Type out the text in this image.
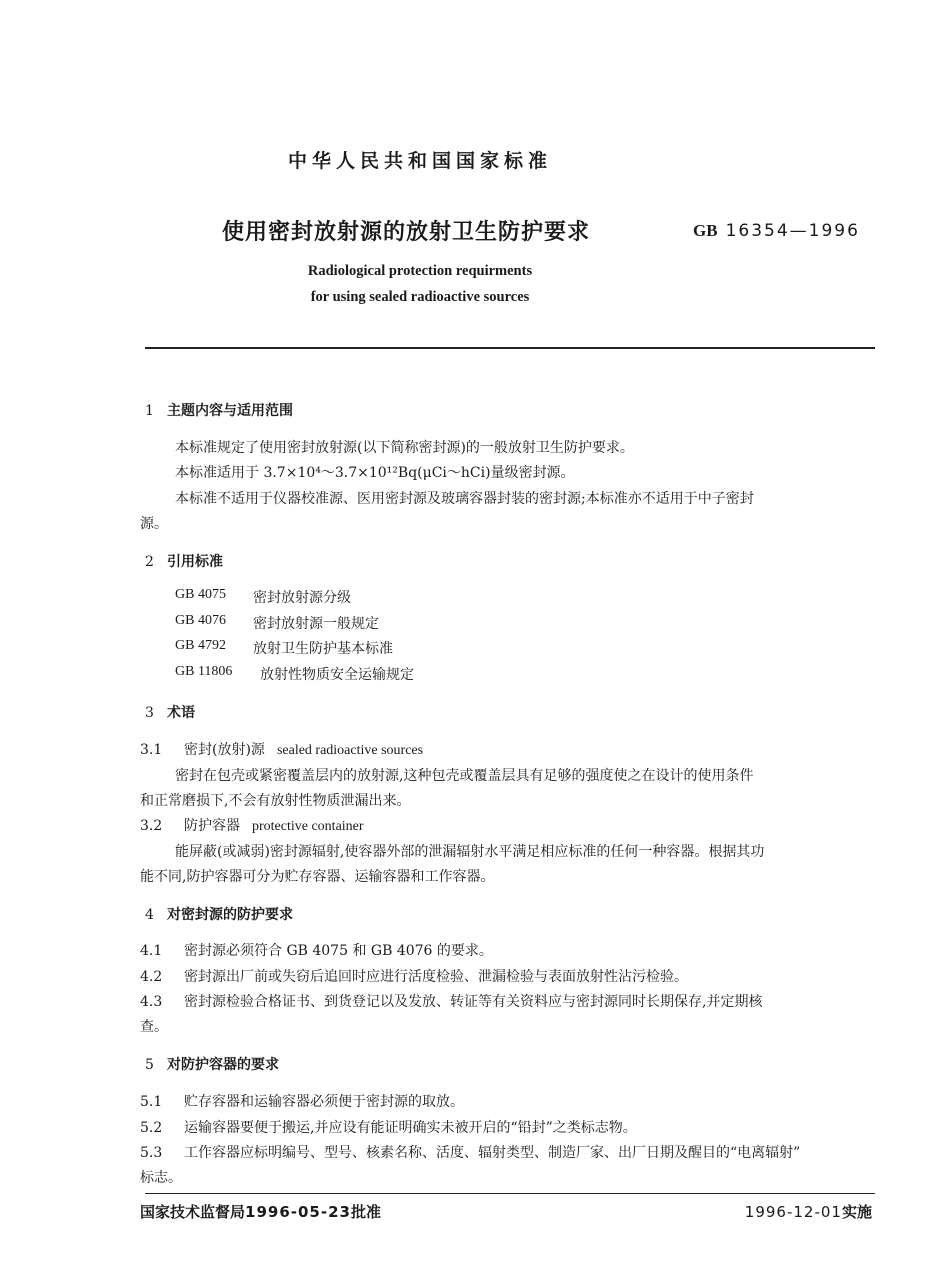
中华人民共和国国家标准
使用密封放射源的放射卫生防护要求	GB 16354—1996
Radiological protection requirments
for using sealed radioactive sources
1 主题内容与适用范围
本标准规定了使用密封放射源(以下简称密封源)的一般放射卫生防护要求。
本标准适用于 3.7×10⁴～3.7×10¹²Bq(μCi～hCi)量级密封源。
本标准不适用于仪器校准源、医用密封源及玻璃容器封装的密封源;本标准亦不适用于中子密封
源。
2 引用标准
GB 4075 密封放射源分级
GB 4076 密封放射源一般规定
GB 4792 放射卫生防护基本标准
GB 11806 放射性物质安全运输规定
3 术语
3.1 密封(放射)源 sealed radioactive sources
密封在包壳或紧密覆盖层内的放射源,这种包壳或覆盖层具有足够的强度使之在设计的使用条件
和正常磨损下,不会有放射性物质泄漏出来。
3.2 防护容器 protective container
能屏蔽(或减弱)密封源辐射,使容器外部的泄漏辐射水平满足相应标准的任何一种容器。根据其功
能不同,防护容器可分为贮存容器、运输容器和工作容器。
4 对密封源的防护要求
4.1 密封源必须符合 GB 4075 和 GB 4076 的要求。
4.2 密封源出厂前或失窃后追回时应进行活度检验、泄漏检验与表面放射性沾污检验。
4.3 密封源检验合格证书、到货登记以及发放、转证等有关资料应与密封源同时长期保存,并定期核
查。
5 对防护容器的要求
5.1 贮存容器和运输容器必须便于密封源的取放。
5.2 运输容器要便于搬运,并应设有能证明确实未被开启的“铅封”之类标志物。
5.3 工作容器应标明编号、型号、核素名称、活度、辐射类型、制造厂家、出厂日期及醒目的“电离辐射”
标志。
国家技术监督局1996-05-23批准	1996-12-01实施
